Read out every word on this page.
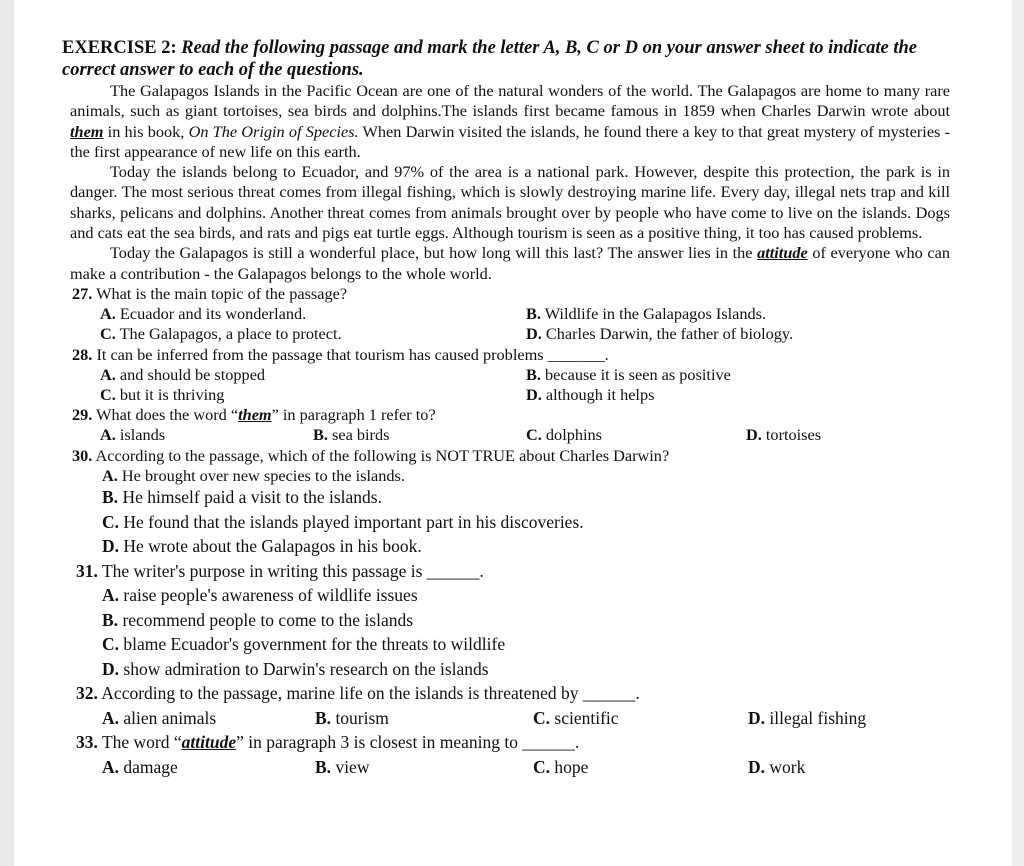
EXERCISE 2: Read the following passage and mark the letter A, B, C or D on your answer sheet to indicate the correct answer to each of the questions.
The Galapagos Islands in the Pacific Ocean are one of the natural wonders of the world. The Galapagos are home to many rare animals, such as giant tortoises, sea birds and dolphins.The islands first became famous in 1859 when Charles Darwin wrote about them in his book, On The Origin of Species. When Darwin visited the islands, he found there a key to that great mystery of mysteries - the first appearance of new life on this earth.
Today the islands belong to Ecuador, and 97% of the area is a national park. However, despite this protection, the park is in danger. The most serious threat comes from illegal fishing, which is slowly destroying marine life. Every day, illegal nets trap and kill sharks, pelicans and dolphins. Another threat comes from animals brought over by people who have come to live on the islands. Dogs and cats eat the sea birds, and rats and pigs eat turtle eggs. Although tourism is seen as a positive thing, it too has caused problems.
Today the Galapagos is still a wonderful place, but how long will this last? The answer lies in the attitude of everyone who can make a contribution - the Galapagos belongs to the whole world.
27. What is the main topic of the passage?
A. Ecuador and its wonderland.	B. Wildlife in the Galapagos Islands.
C. The Galapagos, a place to protect.	D. Charles Darwin, the father of biology.
28. It can be inferred from the passage that tourism has caused problems _______.
A. and should be stopped	B. because it is seen as positive
C. but it is thriving	D. although it helps
29. What does the word “them” in paragraph 1 refer to?
A. islands	B. sea birds	C. dolphins	D. tortoises
30. According to the passage, which of the following is NOT TRUE about Charles Darwin?
A. He brought over new species to the islands.
B. He himself paid a visit to the islands.
C. He found that the islands played important part in his discoveries.
D. He wrote about the Galapagos in his book.
31. The writer's purpose in writing this passage is ______.
A. raise people's awareness of wildlife issues
B. recommend people to come to the islands
C. blame Ecuador's government for the threats to wildlife
D. show admiration to Darwin's research on the islands
32. According to the passage, marine life on the islands is threatened by ______.
A. alien animals	B. tourism	C. scientific	D. illegal fishing
33. The word “attitude” in paragraph 3 is closest in meaning to ______.
A. damage	B. view	C. hope	D. work
